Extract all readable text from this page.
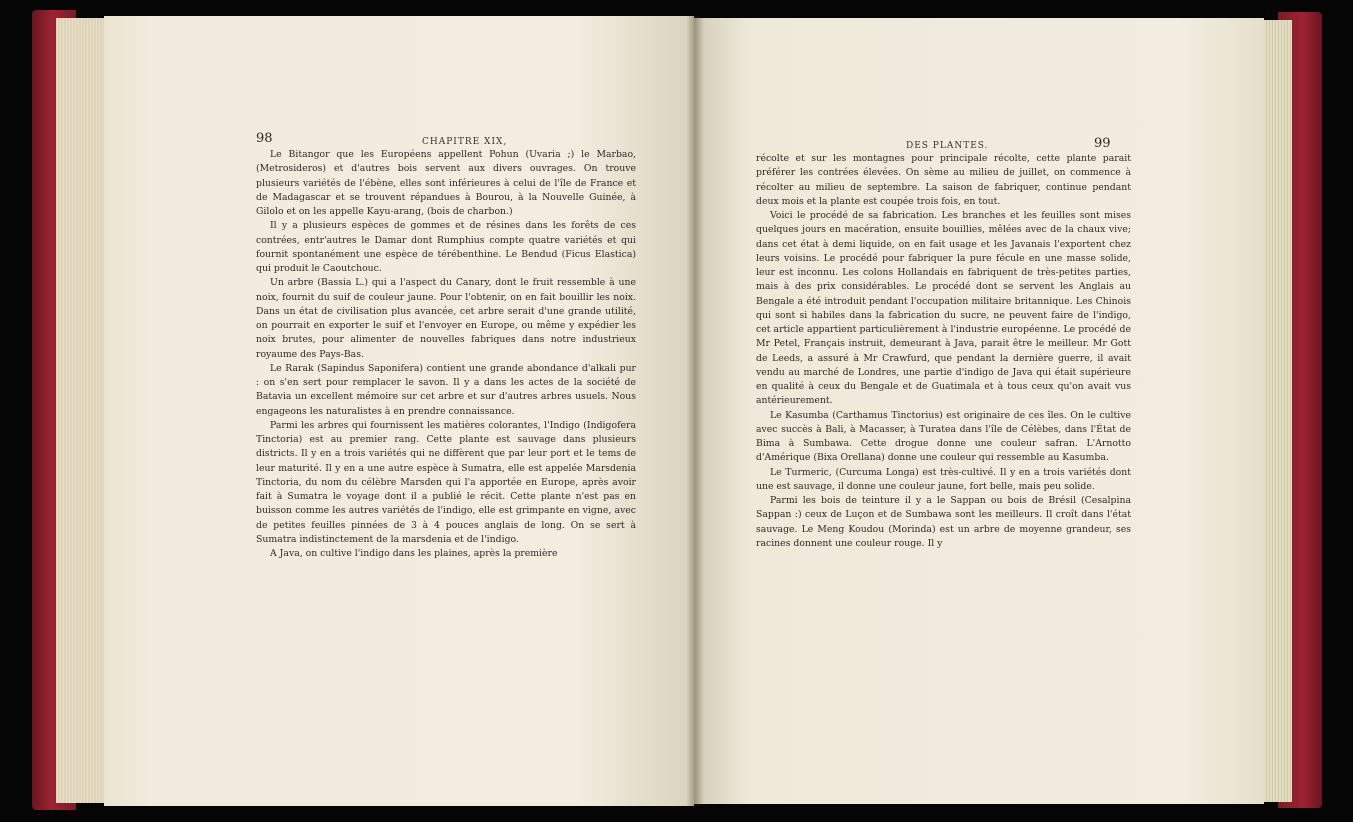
98	CHAPITRE XIX,

Le Bitangor que les Européens appellent Pohun (Uvaria ;) le Marbao, (Metrosideros) et d'autres bois servent aux divers ouvrages. On trouve plusieurs variétés de l'ébène, elles sont inférieures à celui de l'île de France et de Madagascar et se trouvent répandues à Bourou, à la Nouvelle Guinée, à Gilolo et on les appelle Kayu-arang, (bois de charbon.)

Il y a plusieurs espèces de gommes et de résines dans les forêts de ces contrées, entr'autres le Damar dont Rumphius compte quatre variétés et qui fournit spontanément une espèce de térébenthine. Le Bendud (Ficus Elastica) qui produit le Caoutchouc.

Un arbre (Bassia L.) qui a l'aspect du Canary, dont le fruit ressemble à une noix, fournit du suif de couleur jaune. Pour l'obtenir, on en fait bouillir les noix. Dans un état de civilisation plus avancée, cet arbre serait d'une grande utilité, on pourrait en exporter le suif et l'envoyer en Europe, ou même y expédier les noix brutes, pour alimenter de nouvelles fabriques dans notre industrieux royaume des Pays-Bas.

Le Rarak (Sapindus Saponifera) contient une grande abondance d'alkali pur : on s'en sert pour remplacer le savon. Il y a dans les actes de la société de Batavia un excellent mémoire sur cet arbre et sur d'autres arbres usuels. Nous engageons les naturalistes à en prendre connaissance.

Parmi les arbres qui fournissent les matières colorantes, l'Indigo (Indigofera Tinctoria) est au premier rang. Cette plante est sauvage dans plusieurs districts. Il y en a trois variétés qui ne diffèrent que par leur port et le tems de leur maturité. Il y en a une autre espèce à Sumatra, elle est appelée Marsdenia Tinctoria, du nom du célèbre Marsden qui l'a apportée en Europe, après avoir fait à Sumatra le voyage dont il a publié le récit. Cette plante n'est pas en buisson comme les autres variétés de l'indigo, elle est grimpante en vigne, avec de petites feuilles pinnées de 3 à 4 pouces anglais de long. On se sert à Sumatra indistinctement de la marsdenia et de l'indigo.

A Java, on cultive l'indigo dans les plaines, après la première

DES PLANTES.	99

récolte et sur les montagnes pour principale récolte, cette plante parait préférer les contrées élevées. On sème au milieu de juillet, on commence à récolter au milieu de septembre. La saison de fabriquer, continue pendant deux mois et la plante est coupée trois fois, en tout.

Voici le procédé de sa fabrication. Les branches et les feuilles sont mises quelques jours en macération, ensuite bouillies, mêlées avec de la chaux vive; dans cet état à demi liquide, on en fait usage et les Javanais l'exportent chez leurs voisins. Le procédé pour fabriquer la pure fécule en une masse solide, leur est inconnu. Les colons Hollandais en fabriquent de très-petites parties, mais à des prix considérables. Le procédé dont se servent les Anglais au Bengale a été introduit pendant l'occupation militaire britannique. Les Chinois qui sont si habiles dans la fabrication du sucre, ne peuvent faire de l'indigo, cet article appartient particulièrement à l'industrie européenne. Le procédé de Mr Petel, Français instruit, demeurant à Java, parait être le meilleur. Mr Gott de Leeds, a assuré à Mr Crawfurd, que pendant la dernière guerre, il avait vendu au marché de Londres, une partie d'indigo de Java qui était supérieure en qualité à ceux du Bengale et de Guatimala et à tous ceux qu'on avait vus antérieurement.

Le Kasumba (Carthamus Tinctorius) est originaire de ces îles. On le cultive avec succès à Bali, à Macasser, à Turatea dans l'île de Célèbes, dans l'État de Bima à Sumbawa. Cette drogue donne une couleur safran. L'Arnotto d'Amérique (Bixa Orellana) donne une couleur qui ressemble au Kasumba.

Le Turmeric, (Curcuma Longa) est très-cultivé. Il y en a trois variétés dont une est sauvage, il donne une couleur jaune, fort belle, mais peu solide.

Parmi les bois de teinture il y a le Sappan ou bois de Brésil (Cesalpina Sappan :) ceux de Luçon et de Sumbawa sont les meilleurs. Il croît dans l'état sauvage. Le Meng Koudou (Morinda) est un arbre de moyenne grandeur, ses racines donnent une couleur rouge. Il y
